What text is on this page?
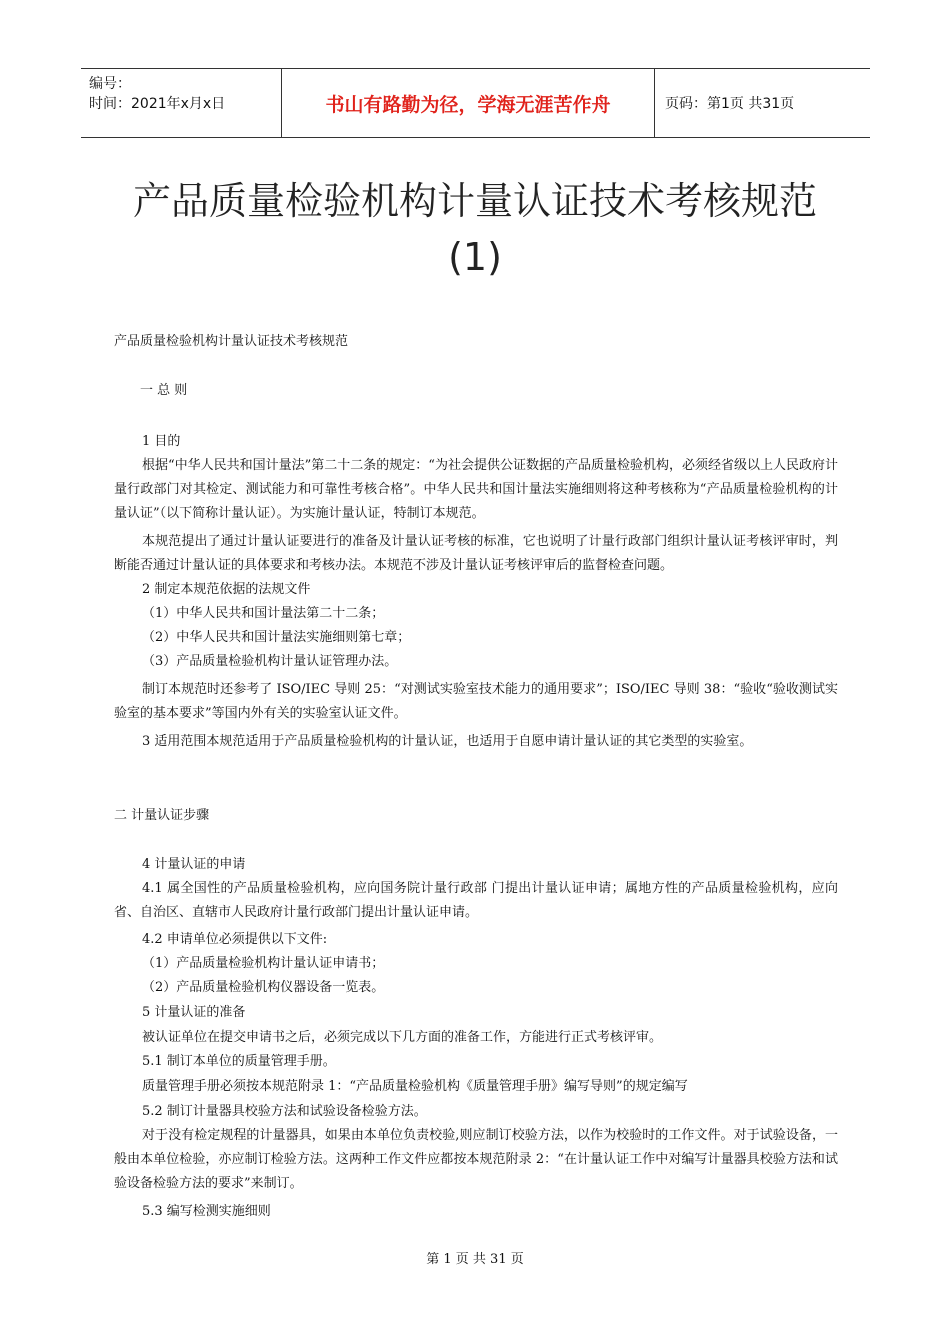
编号：
时间：2021年x月x日	书山有路勤为径，学海无涯苦作舟	页码：第1页 共31页
产品质量检验机构计量认证技术考核规范
(1)
产品质量检验机构计量认证技术考核规范
一 总 则
1 目的
根据“中华人民共和国计量法”第二十二条的规定：“为社会提供公证数据的产品质量检验机构，必须经省级以上人民政府计量行政部门对其检定、测试能力和可靠性考核合格”。中华人民共和国计量法实施细则将这种考核称为“产品质量检验机构的计量认证”（以下简称计量认证）。为实施计量认证，特制订本规范。
本规范提出了通过计量认证要进行的准备及计量认证考核的标准，它也说明了计量行政部门组织计量认证考核评审时，判断能否通过计量认证的具体要求和考核办法。本规范不涉及计量认证考核评审后的监督检查问题。
2 制定本规范依据的法规文件
（1）中华人民共和国计量法第二十二条；
（2）中华人民共和国计量法实施细则第七章；
（3）产品质量检验机构计量认证管理办法。
制订本规范时还参考了 ISO/IEC 导则 25：“对测试实验室技术能力的通用要求”；ISO/IEC 导则 38：“验收“验收测试实验室的基本要求”等国内外有关的实验室认证文件。
3 适用范围本规范适用于产品质量检验机构的计量认证，也适用于自愿申请计量认证的其它类型的实验室。
二 计量认证步骤
4 计量认证的申请
4.1 属全国性的产品质量检验机构，应向国务院计量行政部 门提出计量认证申请；属地方性的产品质量检验机构，应向省、自治区、直辖市人民政府计量行政部门提出计量认证申请。
4.2 申请单位必须提供以下文件:
（1）产品质量检验机构计量认证申请书；
（2）产品质量检验机构仪器设备一览表。
5 计量认证的准备
被认证单位在提交申请书之后，必须完成以下几方面的准备工作，方能进行正式考核评审。
5.1 制订本单位的质量管理手册。
质量管理手册必须按本规范附录 1：“产品质量检验机构《质量管理手册》编写导则”的规定编写
5.2 制订计量器具校验方法和试验设备检验方法。
对于没有检定规程的计量器具，如果由本单位负责校验,则应制订校验方法，以作为校验时的工作文件。对于试验设备，一般由本单位检验，亦应制订检验方法。这两种工作文件应都按本规范附录 2：“在计量认证工作中对编写计量器具校验方法和试验设备检验方法的要求”来制订。
5.3 编写检测实施细则
第 1 页 共 31 页
